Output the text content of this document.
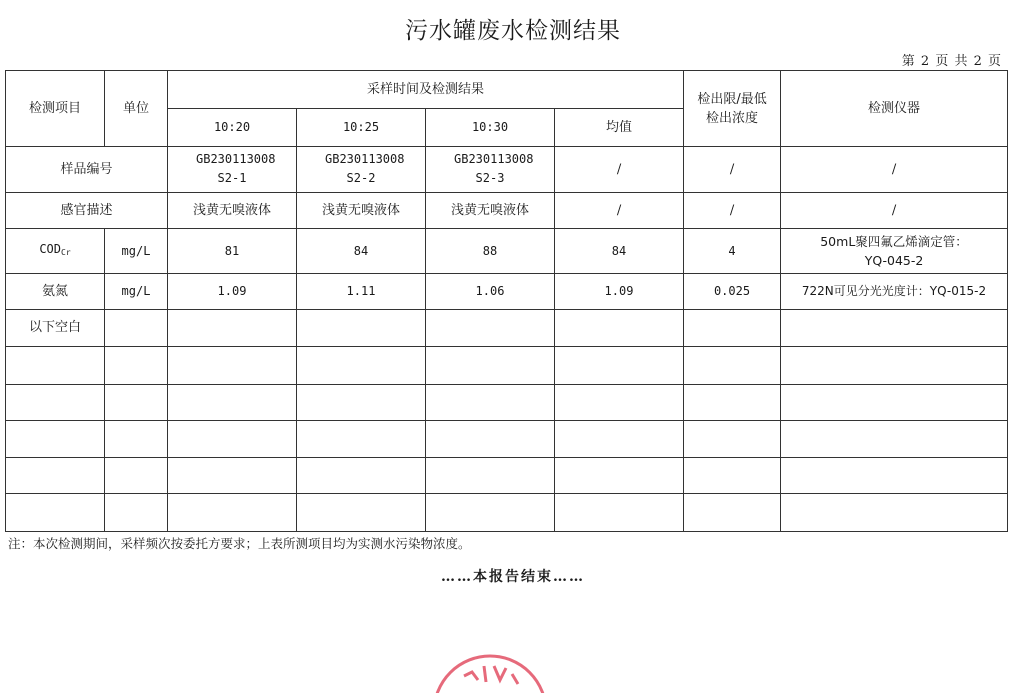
污水罐废水检测结果
第 2 页 共 2 页
检测项目	单位	采样时间及检测结果				检出限/最低检出浓度	检测仪器
		10:20	10:25	10:30	均值		
样品编号		GB230113008 S2-1	GB230113008 S2-2	GB230113008 S2-3	/	/	/
感官描述		浅黄无嗅液体	浅黄无嗅液体	浅黄无嗅液体	/	/	/
$COD_{Cr}$	mg/L	81	84	88	84	4	50mL聚四氟乙烯滴定管：YQ-045-2
氨氮	mg/L	1.09	1.11	1.06	1.09	0.025	722N可见分光光度计：YQ-015-2
以下空白							

注：本次检测期间，采样频次按委托方要求；上表所测项目均为实测水污染物浓度。
……本报告结束……
